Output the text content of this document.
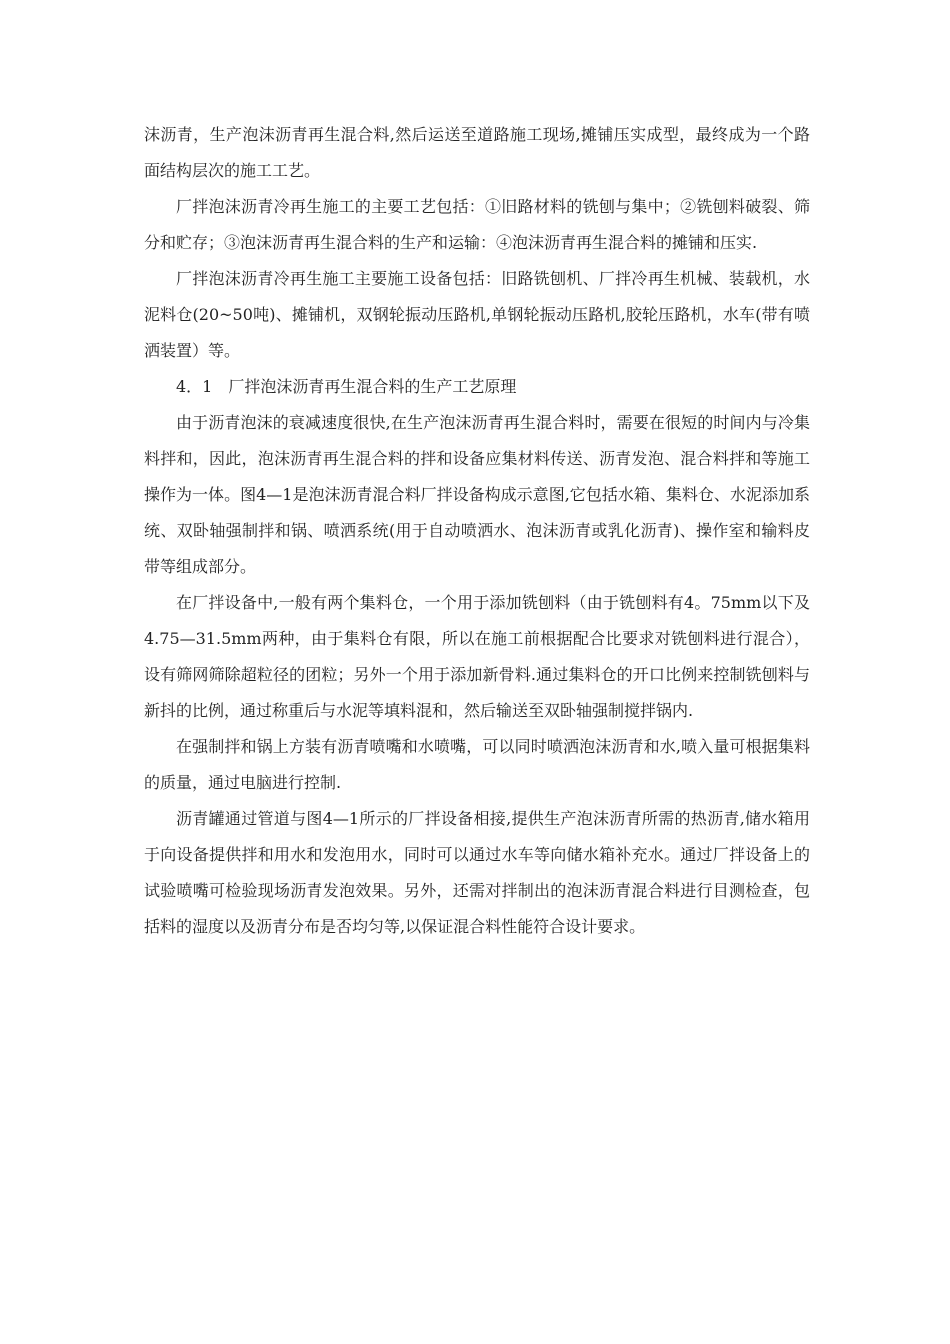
沫沥青，生产泡沫沥青再生混合料,然后运送至道路施工现场,摊铺压实成型，最终成为一个路面结构层次的施工工艺。

厂拌泡沫沥青冷再生施工的主要工艺包括：①旧路材料的铣刨与集中；②铣刨料破裂、筛分和贮存；③泡沫沥青再生混合料的生产和运输：④泡沫沥青再生混合料的摊铺和压实.

厂拌泡沫沥青冷再生施工主要施工设备包括：旧路铣刨机、厂拌冷再生机械、装载机，水泥料仓(20~50吨)、摊铺机，双钢轮振动压路机,单钢轮振动压路机,胶轮压路机，水车(带有喷洒装置）等。

4．1　厂拌泡沫沥青再生混合料的生产工艺原理

由于沥青泡沫的衰减速度很快,在生产泡沫沥青再生混合料时，需要在很短的时间内与冷集料拌和，因此，泡沫沥青再生混合料的拌和设备应集材料传送、沥青发泡、混合料拌和等施工操作为一体。图4—1是泡沫沥青混合料厂拌设备构成示意图,它包括水箱、集料仓、水泥添加系统、双卧轴强制拌和锅、喷洒系统(用于自动喷洒水、泡沫沥青或乳化沥青)、操作室和输料皮带等组成部分。

在厂拌设备中,一般有两个集料仓，一个用于添加铣刨料（由于铣刨料有4。75mm以下及4.75—31.5mm两种，由于集料仓有限，所以在施工前根据配合比要求对铣刨料进行混合），设有筛网筛除超粒径的团粒；另外一个用于添加新骨料.通过集料仓的开口比例来控制铣刨料与新抖的比例，通过称重后与水泥等填料混和，然后输送至双卧轴强制搅拌锅内.

在强制拌和锅上方装有沥青喷嘴和水喷嘴，可以同时喷洒泡沫沥青和水,喷入量可根据集料的质量，通过电脑进行控制.

沥青罐通过管道与图4—1所示的厂拌设备相接,提供生产泡沫沥青所需的热沥青,储水箱用于向设备提供拌和用水和发泡用水，同时可以通过水车等向储水箱补充水。通过厂拌设备上的试验喷嘴可检验现场沥青发泡效果。另外，还需对拌制出的泡沫沥青混合料进行目测检查，包括料的湿度以及沥青分布是否均匀等,以保证混合料性能符合设计要求。
